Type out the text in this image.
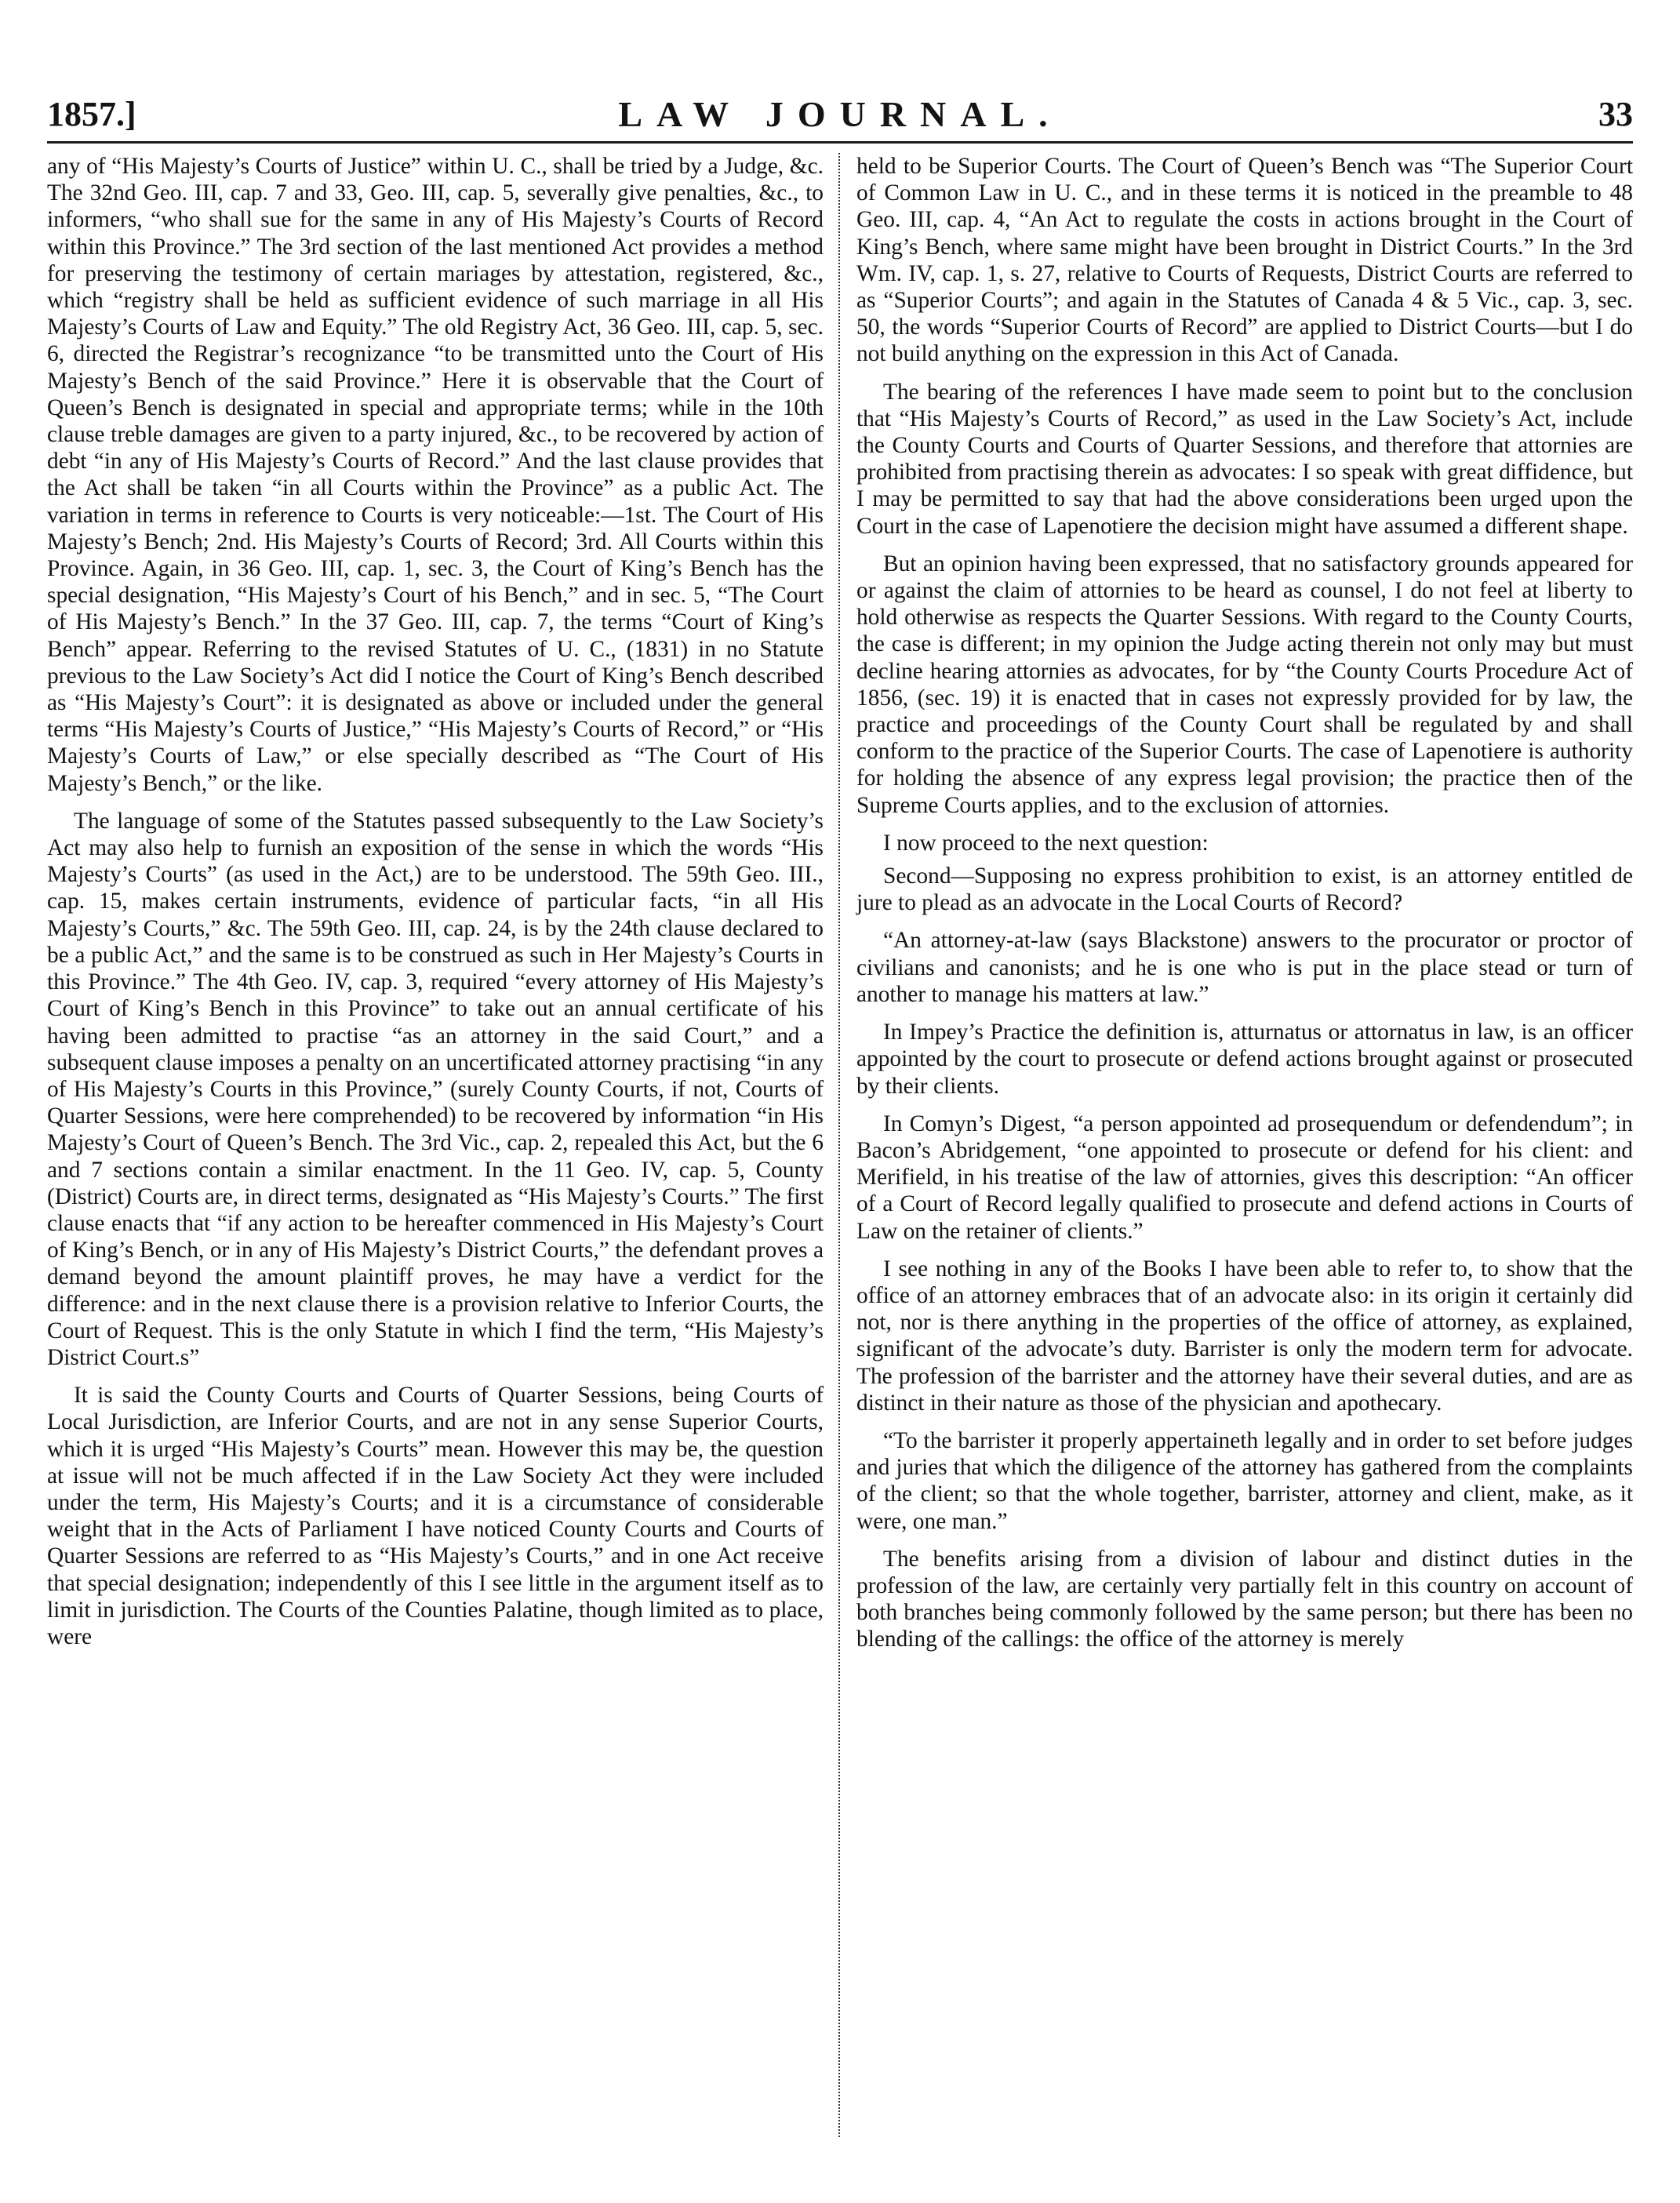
1857.]	LAW JOURNAL.	33

any of “His Majesty’s Courts of Justice” within U. C., shall be tried by a Judge, &c. The 32nd Geo. III, cap. 7 and 33, Geo. III, cap. 5, severally give penalties, &c., to informers, “who shall sue for the same in any of His Majesty’s Courts of Record within this Province.” The 3rd section of the last mentioned Act provides a method for preserving the testimony of certain mariages by attestation, registered, &c., which “registry shall be held as sufficient evidence of such marriage in all His Majesty’s Courts of Law and Equity.” The old Registry Act, 36 Geo. III, cap. 5, sec. 6, directed the Registrar’s recognizance “to be transmitted unto the Court of His Majesty’s Bench of the said Province.” Here it is observable that the Court of Queen’s Bench is designated in special and appropriate terms; while in the 10th clause treble damages are given to a party injured, &c., to be recovered by action of debt “in any of His Majesty’s Courts of Record.” And the last clause provides that the Act shall be taken “in all Courts within the Province” as a public Act. The variation in terms in reference to Courts is very noticeable:—1st. The Court of His Majesty’s Bench; 2nd. His Majesty’s Courts of Record; 3rd. All Courts within this Province. Again, in 36 Geo. III, cap. 1, sec. 3, the Court of King’s Bench has the special designation, “His Majesty’s Court of his Bench,” and in sec. 5, “The Court of His Majesty’s Bench.” In the 37 Geo. III, cap. 7, the terms “Court of King’s Bench” appear. Referring to the revised Statutes of U. C., (1831) in no Statute previous to the Law Society’s Act did I notice the Court of King’s Bench described as “His Majesty’s Court”: it is designated as above or included under the general terms “His Majesty’s Courts of Justice,” “His Majesty’s Courts of Record,” or “His Majesty’s Courts of Law,” or else specially described as “The Court of His Majesty’s Bench,” or the like.

The language of some of the Statutes passed subsequently to the Law Society’s Act may also help to furnish an exposition of the sense in which the words “His Majesty’s Courts” (as used in the Act,) are to be understood. The 59th Geo. III., cap. 15, makes certain instruments, evidence of particular facts, “in all His Majesty’s Courts,” &c. The 59th Geo. III, cap. 24, is by the 24th clause declared to be a public Act,” and the same is to be construed as such in Her Majesty’s Courts in this Province.” The 4th Geo. IV, cap. 3, required “every attorney of His Majesty’s Court of King’s Bench in this Province” to take out an annual certificate of his having been admitted to practise “as an attorney in the said Court,” and a subsequent clause imposes a penalty on an uncertificated attorney practising “in any of His Majesty’s Courts in this Province,” (surely County Courts, if not, Courts of Quarter Sessions, were here comprehended) to be recovered by information “in His Majesty’s Court of Queen’s Bench. The 3rd Vic., cap. 2, repealed this Act, but the 6 and 7 sections contain a similar enactment. In the 11 Geo. IV, cap. 5, County (District) Courts are, in direct terms, designated as “His Majesty’s Courts.” The first clause enacts that “if any action to be hereafter commenced in His Majesty’s Court of King’s Bench, or in any of His Majesty’s District Courts,” the defendant proves a demand beyond the amount plaintiff proves, he may have a verdict for the difference: and in the next clause there is a provision relative to Inferior Courts, the Court of Request. This is the only Statute in which I find the term, “His Majesty’s District Court.s”

It is said the County Courts and Courts of Quarter Sessions, being Courts of Local Jurisdiction, are Inferior Courts, and are not in any sense Superior Courts, which it is urged “His Majesty’s Courts” mean. However this may be, the question at issue will not be much affected if in the Law Society Act they were included under the term, His Majesty’s Courts; and it is a circumstance of considerable weight that in the Acts of Parliament I have noticed County Courts and Courts of Quarter Sessions are referred to as “His Majesty’s Courts,” and in one Act receive that special designation; independently of this I see little in the argument itself as to limit in jurisdiction. The Courts of the Counties Palatine, though limited as to place, were

held to be Superior Courts. The Court of Queen’s Bench was “The Superior Court of Common Law in U. C., and in these terms it is noticed in the preamble to 48 Geo. III, cap. 4, “An Act to regulate the costs in actions brought in the Court of King’s Bench, where same might have been brought in District Courts.” In the 3rd Wm. IV, cap. 1, s. 27, relative to Courts of Requests, District Courts are referred to as “Superior Courts”; and again in the Statutes of Canada 4 & 5 Vic., cap. 3, sec. 50, the words “Superior Courts of Record” are applied to District Courts—but I do not build anything on the expression in this Act of Canada.

The bearing of the references I have made seem to point but to the conclusion that “His Majesty’s Courts of Record,” as used in the Law Society’s Act, include the County Courts and Courts of Quarter Sessions, and therefore that attornies are prohibited from practising therein as advocates: I so speak with great diffidence, but I may be permitted to say that had the above considerations been urged upon the Court in the case of Lapenotiere the decision might have assumed a different shape.

But an opinion having been expressed, that no satisfactory grounds appeared for or against the claim of attornies to be heard as counsel, I do not feel at liberty to hold otherwise as respects the Quarter Sessions. With regard to the County Courts, the case is different; in my opinion the Judge acting therein not only may but must decline hearing attornies as advocates, for by “the County Courts Procedure Act of 1856, (sec. 19) it is enacted that in cases not expressly provided for by law, the practice and proceedings of the County Court shall be regulated by and shall conform to the practice of the Superior Courts. The case of Lapenotiere is authority for holding the absence of any express legal provision; the practice then of the Supreme Courts applies, and to the exclusion of attornies.

I now proceed to the next question:

Second—Supposing no express prohibition to exist, is an attorney entitled de jure to plead as an advocate in the Local Courts of Record?

“An attorney-at-law (says Blackstone) answers to the procurator or proctor of civilians and canonists; and he is one who is put in the place stead or turn of another to manage his matters at law.”

In Impey’s Practice the definition is, atturnatus or attornatus in law, is an officer appointed by the court to prosecute or defend actions brought against or prosecuted by their clients.

In Comyn’s Digest, “a person appointed ad prosequendum or defendendum”; in Bacon’s Abridgement, “one appointed to prosecute or defend for his client: and Merifield, in his treatise of the law of attornies, gives this description: “An officer of a Court of Record legally qualified to prosecute and defend actions in Courts of Law on the retainer of clients.”

I see nothing in any of the Books I have been able to refer to, to show that the office of an attorney embraces that of an advocate also: in its origin it certainly did not, nor is there anything in the properties of the office of attorney, as explained, significant of the advocate’s duty. Barrister is only the modern term for advocate. The profession of the barrister and the attorney have their several duties, and are as distinct in their nature as those of the physician and apothecary.

“To the barrister it properly appertaineth legally and in order to set before judges and juries that which the diligence of the attorney has gathered from the complaints of the client; so that the whole together, barrister, attorney and client, make, as it were, one man.”

The benefits arising from a division of labour and distinct duties in the profession of the law, are certainly very partially felt in this country on account of both branches being commonly followed by the same person; but there has been no blending of the callings: the office of the attorney is merely
